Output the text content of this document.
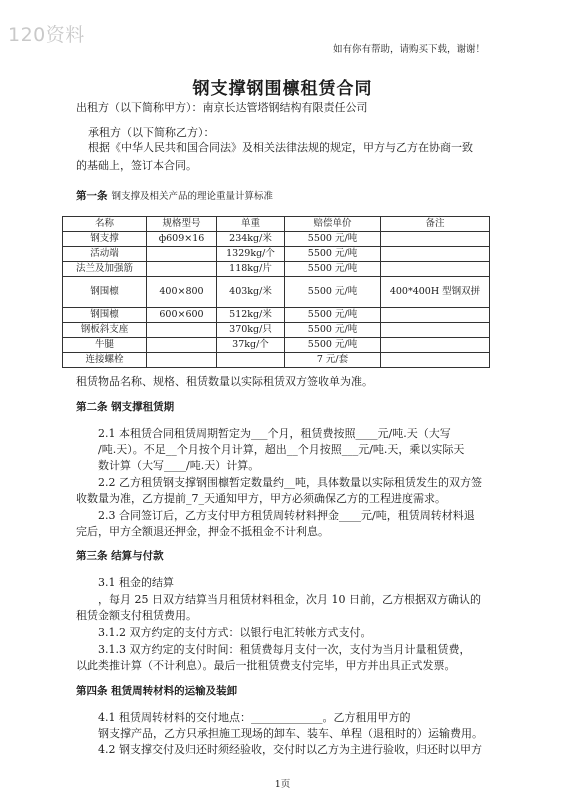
120资料
如有你有帮助，请购买下载，谢谢！
钢支撑钢围檩租赁合同
出租方（以下简称甲方）：南京长达管塔钢结构有限责任公司
承租方（以下简称乙方）：
根据《中华人民共和国合同法》及相关法律法规的规定，甲方与乙方在协商一致
的基础上，签订本合同。
第一条 钢支撑及相关产品的理论重量计算标准
名称	规格型号	单重	赔偿单价	备注
钢支撑	ф609×16	234kg/米	5500 元/吨	
活动端		1329kg/个	5500 元/吨	
法兰及加强筋		118kg/片	5500 元/吨	
钢围檩	400×800	403kg/米	5500 元/吨	400*400H 型钢双拼
钢围檩	600×600	512kg/米	5500 元/吨	
钢板斜支座		370kg/只	5500 元/吨	
牛腿		37kg/个	5500 元/吨	
连接螺栓			7 元/套	
租赁物品名称、规格、租赁数量以实际租赁双方签收单为准。
第二条 钢支撑租赁期
2.1 本租赁合同租赁周期暂定为___个月，租赁费按照____元/吨.天（大写
/吨.天）。不足__个月按个月计算，超出__个月按照___元/吨.天，乘以实际天
数计算（大写____/吨.天）计算。
2.2 乙方租赁钢支撑钢围檩暂定数量约__吨，具体数量以实际租赁发生的双方签
收数量为准，乙方提前_7_天通知甲方，甲方必须确保乙方的工程进度需求。
2.3 合同签订后，乙方支付甲方租赁周转材料押金____元/吨，租赁周转材料退
完后，甲方全额退还押金，押金不抵租金不计利息。
第三条 结算与付款
3.1 租金的结算
，每月 25 日双方结算当月租赁材料租金，次月 10 日前，乙方根据双方确认的
租赁金额支付租赁费用。
3.1.2 双方约定的支付方式：以银行电汇转帐方式支付。
3.1.3 双方约定的支付时间：租赁费每月支付一次，支付为当月计量租赁费，
以此类推计算（不计利息）。最后一批租赁费支付完毕，甲方并出具正式发票。
第四条 租赁周转材料的运输及装卸
4.1 租赁周转材料的交付地点：_____________。乙方租用甲方的
钢支撑产品，乙方只承担施工现场的卸车、装车、单程（退租时的）运输费用。
4.2 钢支撑交付及归还时须经验收，交付时以乙方为主进行验收，归还时以甲方
1页
